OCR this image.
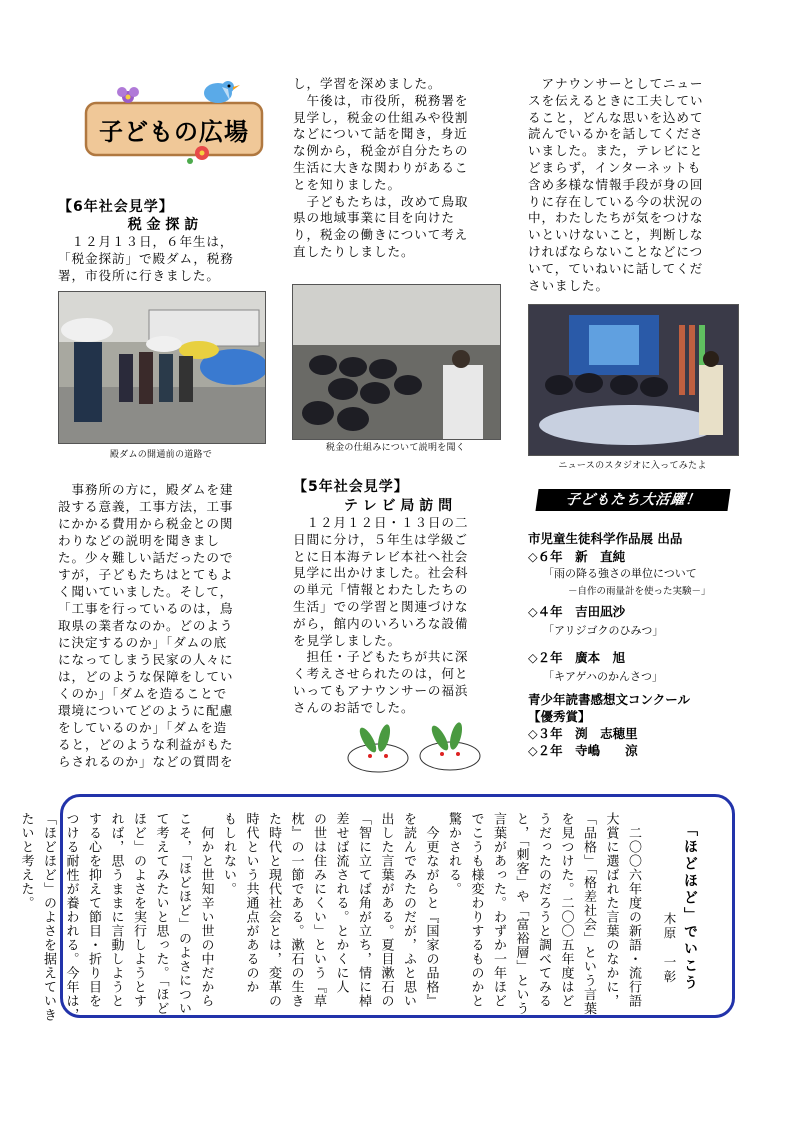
子どもの広場
【6年社会見学】
税 金 探 訪

　１２月１３日，６年生は，
「税金探訪」で殿ダム，税務
署，市役所に行きました。

殿ダムの開通前の道路で

　事務所の方に，殿ダムを建
設する意義，工事方法，工事
にかかる費用から税金との関
わりなどの説明を聞きまし
た。少々難しい話だったので
すが，子どもたちはとてもよ
く聞いていました。そして，
「工事を行っているのは，鳥
取県の業者なのか。どのよう
に決定するのか」「ダムの底
になってしまう民家の人々に
は，どのような保障をしてい
くのか」「ダムを造ることで
環境についてどのように配慮
をしているのか」「ダムを造
ると，どのような利益がもた
らされるのか」などの質問を

し，学習を深めました。
　午後は，市役所，税務署を
見学し，税金の仕組みや役割
などについて話を聞き，身近
な例から，税金が自分たちの
生活に大きな関わりがあるこ
とを知りました。
　子どもたちは，改めて鳥取
県の地域事業に目を向けた
り，税金の働きについて考え
直したりしました。

税金の仕組みについて説明を聞く
【5年社会見学】
テ レ ビ 局 訪 問

　１２月１２日・１３日の二
日間に分け，５年生は学級ご
とに日本海テレビ本社へ社会
見学に出かけました。社会科
の単元「情報とわたしたちの
生活」での学習と関連づけな
がら，館内のいろいろな設備
を見学しました。
　担任・子どもたちが共に深
く考えさせられたのは，何と
いってもアナウンサーの福浜
さんのお話でした。

　アナウンサーとしてニュー
スを伝えるときに工夫してい
ること，どんな思いを込めて
読んでいるかを話してくださ
いました。また，テレビにと
どまらず，インターネットも
含め多様な情報手段が身の回
りに存在している今の状況の
中，わたしたちが気をつけな
いといけないこと，判断しな
ければならないことなどにつ
いて，ていねいに話してくだ
さいました。

ニュースのスタジオに入ってみたよ
子どもたち大活躍！
市児童生徒科学作品展 出品
◇６年　新　直純
「雨の降る強さの単位について
－自作の雨量計を使った実験－」
◇４年　吉田凪沙
「アリジゴクのひみつ」
◇２年　廣本　旭
「キアゲハのかんさつ」
青少年読書感想文コンクール
【優秀賞】
◇３年　渕　志穂里
◇２年　寺嶋　　涼
「ほどほど」でいこう
木原　一彰

　二〇〇六年度の新語・流行語
大賞に選ばれた言葉のなかに，
「品格」「格差社会」という言葉
を見つけた。二〇〇五年度はど
うだったのだろうと調べてみる
と，「刺客」や「富裕層」という
言葉があった。わずか一年ほど
でこうも様変わりするものかと
驚かされる。
　今更ながらと『国家の品格』
を読んでみたのだが，ふと思い
出した言葉がある。夏目漱石の
「智に立てば角が立ち，情に棹
差せば流される。とかくに人
の世は住みにくい」という『草
枕』の一節である。漱石の生き
た時代と現代社会とは，変革の
時代という共通点があるのか
もしれない。
　何かと世知辛い世の中だから
こそ，「ほどほど」のよさについ
て考えてみたいと思った。「ほど
ほど」のよさを実行しようとす
れば，思うままに言動しようと
する心を抑えて節目・折り目を
つける耐性が養われる。今年は，
「ほどほど」のよさを据えていき
たいと考えた。
